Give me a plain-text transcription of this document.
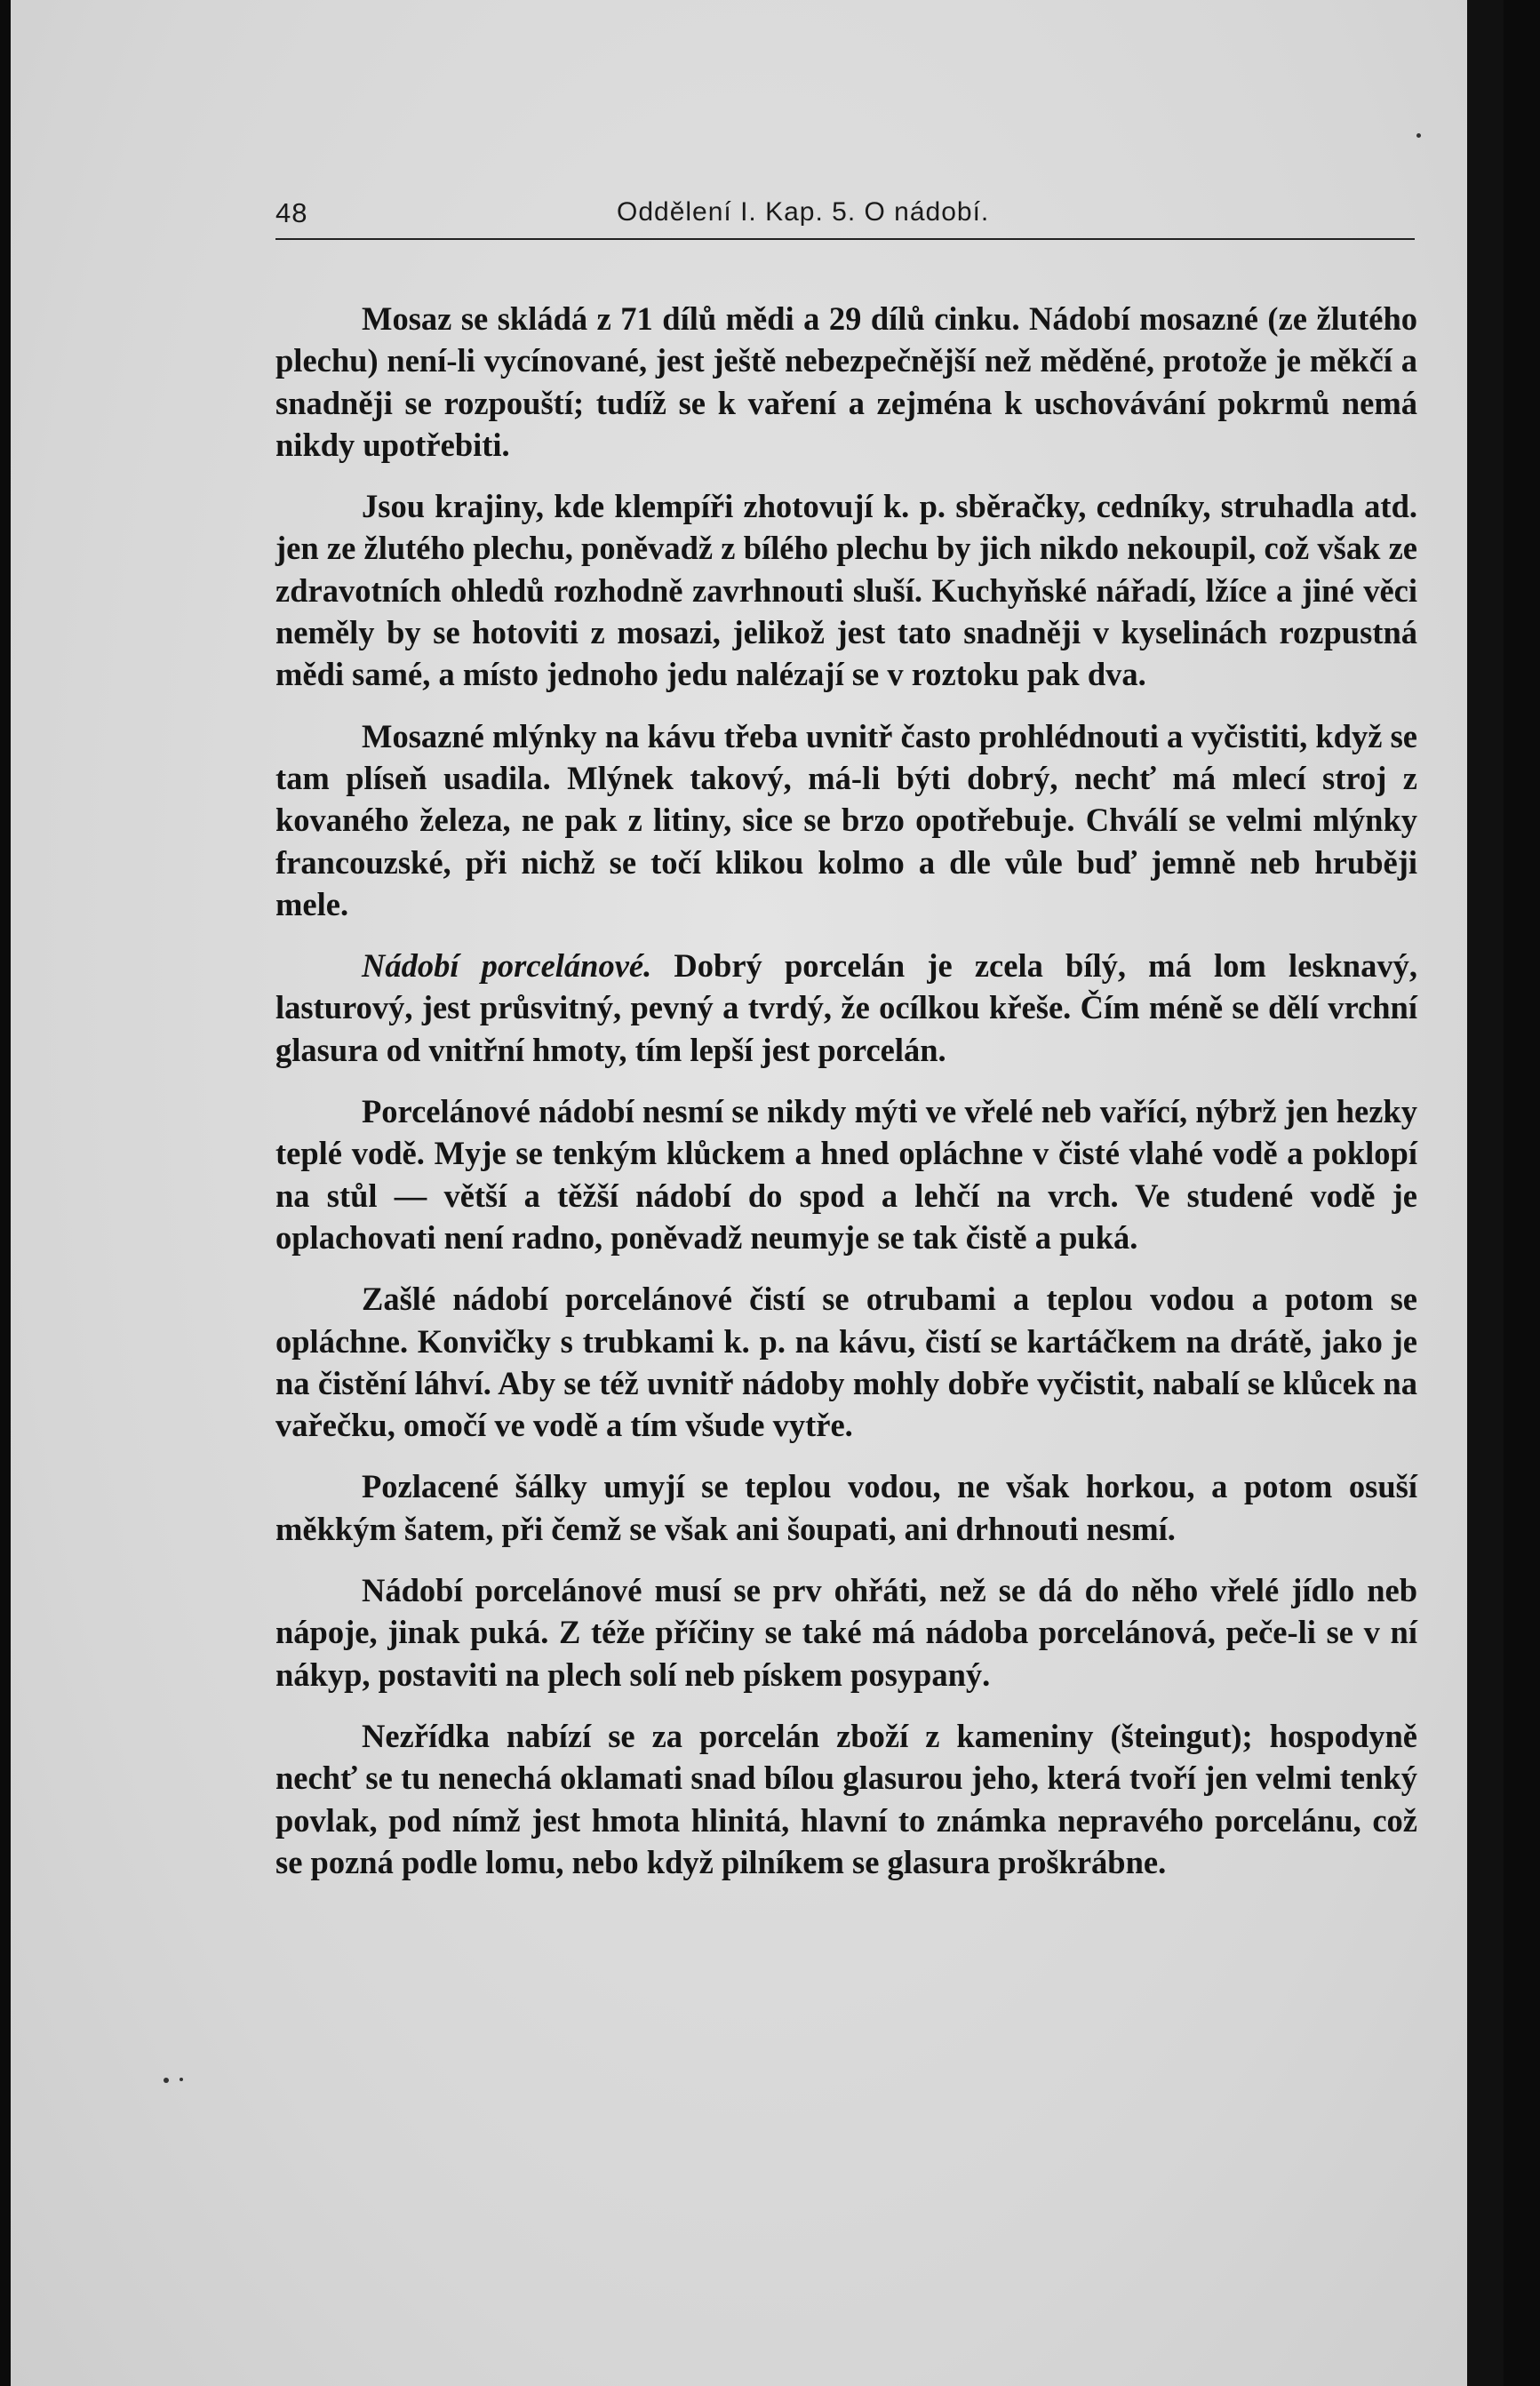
48	Oddělení I. Kap. 5. O nádobí.

Mosaz se skládá z 71 dílů mědi a 29 dílů cinku. Nádobí mosazné (ze žlutého plechu) není-li vycínované, jest ještě nebezpečnější než měděné, protože je měkčí a snadněji se rozpouští; tudíž se k vaření a zejména k uschovávání pokrmů nemá nikdy upotřebiti.

Jsou krajiny, kde klempíři zhotovují k. p. sběračky, cedníky, struhadla atd. jen ze žlutého plechu, poněvadž z bílého plechu by jich nikdo nekoupil, což však ze zdravotních ohledů rozhodně zavrhnouti sluší. Kuchyňské nářadí, lžíce a jiné věci neměly by se hotoviti z mosazi, jelikož jest tato snadněji v kyselinách rozpustná mědi samé, a místo jednoho jedu nalézají se v roztoku pak dva.

Mosazné mlýnky na kávu třeba uvnitř často prohlédnouti a vyčistiti, když se tam plíseň usadila. Mlýnek takový, má-li býti dobrý, nechť má mlecí stroj z kovaného železa, ne pak z litiny, sice se brzo opotřebuje. Chválí se velmi mlýnky francouzské, při nichž se točí klikou kolmo a dle vůle buď jemně neb hruběji mele.

Nádobí porcelánové. Dobrý porcelán je zcela bílý, má lom lesknavý, lasturový, jest průsvitný, pevný a tvrdý, že ocílkou křeše. Čím méně se dělí vrchní glasura od vnitřní hmoty, tím lepší jest porcelán.

Porcelánové nádobí nesmí se nikdy mýti ve vřelé neb vařící, nýbrž jen hezky teplé vodě. Myje se tenkým klůckem a hned opláchne v čisté vlahé vodě a poklopí na stůl — větší a těžší nádobí do spod a lehčí na vrch. Ve studené vodě je oplachovati není radno, poněvadž neumyje se tak čistě a puká.

Zašlé nádobí porcelánové čistí se otrubami a teplou vodou a potom se opláchne. Konvičky s trubkami k. p. na kávu, čistí se kartáčkem na drátě, jako je na čistění láhví. Aby se též uvnitř nádoby mohly dobře vyčistit, nabalí se klůcek na vařečku, omočí ve vodě a tím všude vytře.

Pozlacené šálky umyjí se teplou vodou, ne však horkou, a potom osuší měkkým šatem, při čemž se však ani šoupati, ani drhnouti nesmí.

Nádobí porcelánové musí se prv ohřáti, než se dá do něho vřelé jídlo neb nápoje, jinak puká. Z téže příčiny se také má nádoba porcelánová, peče-li se v ní nákyp, postaviti na plech solí neb pískem posypaný.

Nezřídka nabízí se za porcelán zboží z kameniny (šteingut); hospodyně nechť se tu nenechá oklamati snad bílou glasurou jeho, která tvoří jen velmi tenký povlak, pod nímž jest hmota hlinitá, hlavní to známka nepravého porcelánu, což se pozná podle lomu, nebo když pilníkem se glasura proškrábne.
